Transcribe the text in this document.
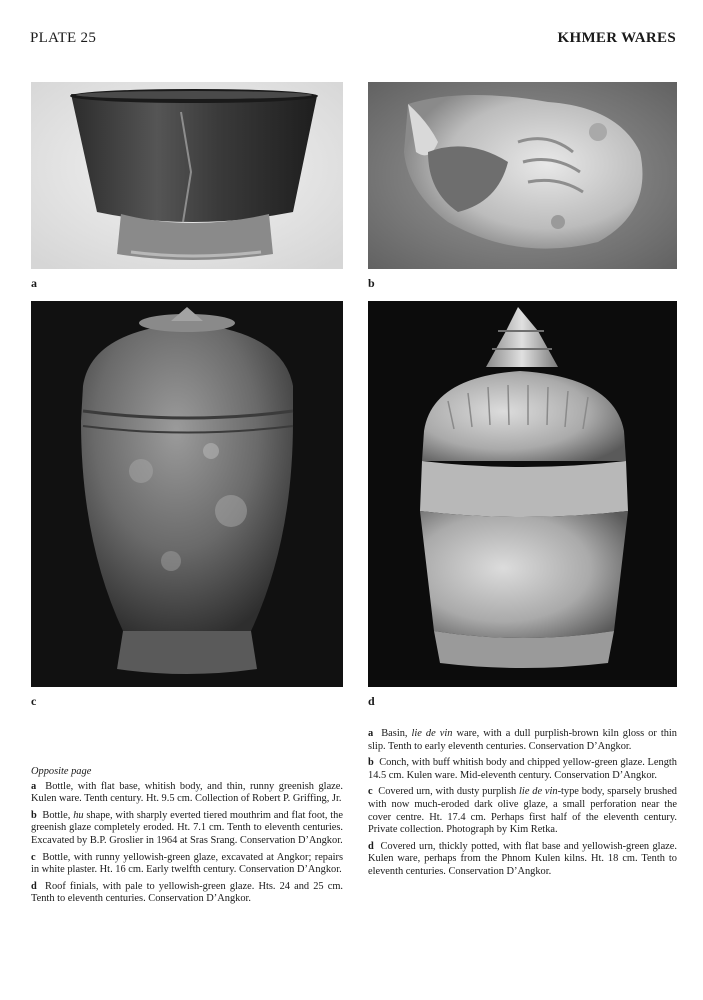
PLATE 25	KHMER WARES
a	b
c	d

Opposite page

a Bottle, with flat base, whitish body, and thin, runny greenish glaze. Kulen ware. Tenth century. Ht. 9.5 cm. Collection of Robert P. Griffing, Jr.

b Bottle, hu shape, with sharply everted tiered mouthrim and flat foot, the greenish glaze completely eroded. Ht. 7.1 cm. Tenth to eleventh centuries. Excavated by B.P. Groslier in 1964 at Sras Srang. Conservation D’Angkor.

c Bottle, with runny yellowish-green glaze, excavated at Angkor; repairs in white plaster. Ht. 16 cm. Early twelfth century. Conservation D’Angkor.

d Roof finials, with pale to yellowish-green glaze. Hts. 24 and 25 cm. Tenth to eleventh centuries. Conservation D’Angkor.

a Basin, lie de vin ware, with a dull purplish-brown kiln gloss or thin slip. Tenth to early eleventh centuries. Conservation D’Angkor.

b Conch, with buff whitish body and chipped yellow-green glaze. Length 14.5 cm. Kulen ware. Mid-eleventh century. Conservation D’Angkor.

c Covered urn, with dusty purplish lie de vin-type body, sparsely brushed with now much-eroded dark olive glaze, a small perforation near the cover centre. Ht. 17.4 cm. Perhaps first half of the eleventh century. Private collection. Photograph by Kim Retka.

d Covered urn, thickly potted, with flat base and yellowish-green glaze. Kulen ware, perhaps from the Phnom Kulen kilns. Ht. 18 cm. Tenth to eleventh centuries. Conservation D’Angkor.
